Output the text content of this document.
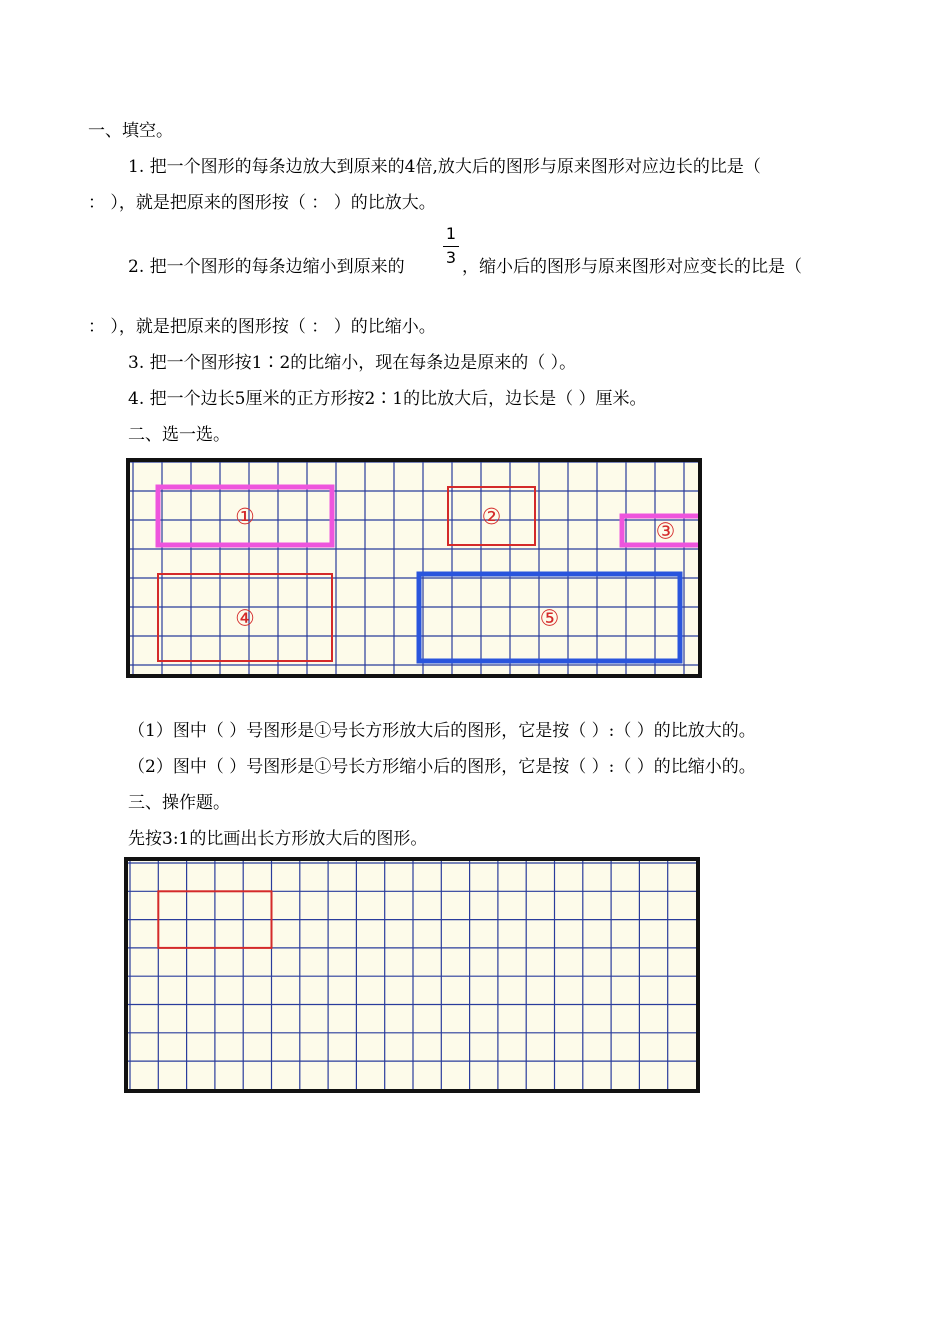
一、填空。
1. 把一个图形的每条边放大到原来的4倍,放大后的图形与原来图形对应边长的比是（
： ），就是把原来的图形按（ ： ）的比放大。
1
3
2. 把一个图形的每条边缩小到原来的	，缩小后的图形与原来图形对应变长的比是（
： ），就是把原来的图形按（ ： ）的比缩小。
3. 把一个图形按1∶2的比缩小，现在每条边是原来的（ ）。
4. 把一个边长5厘米的正方形按2∶1的比放大后，边长是（ ）厘米。
二、选一选。
①	②
③
④	⑤
（1）图中（ ）号图形是①号长方形放大后的图形，它是按（ ）:（ ）的比放大的。
（2）图中（ ）号图形是①号长方形缩小后的图形，它是按（ ）:（ ）的比缩小的。
三、操作题。
先按3:1的比画出长方形放大后的图形。
